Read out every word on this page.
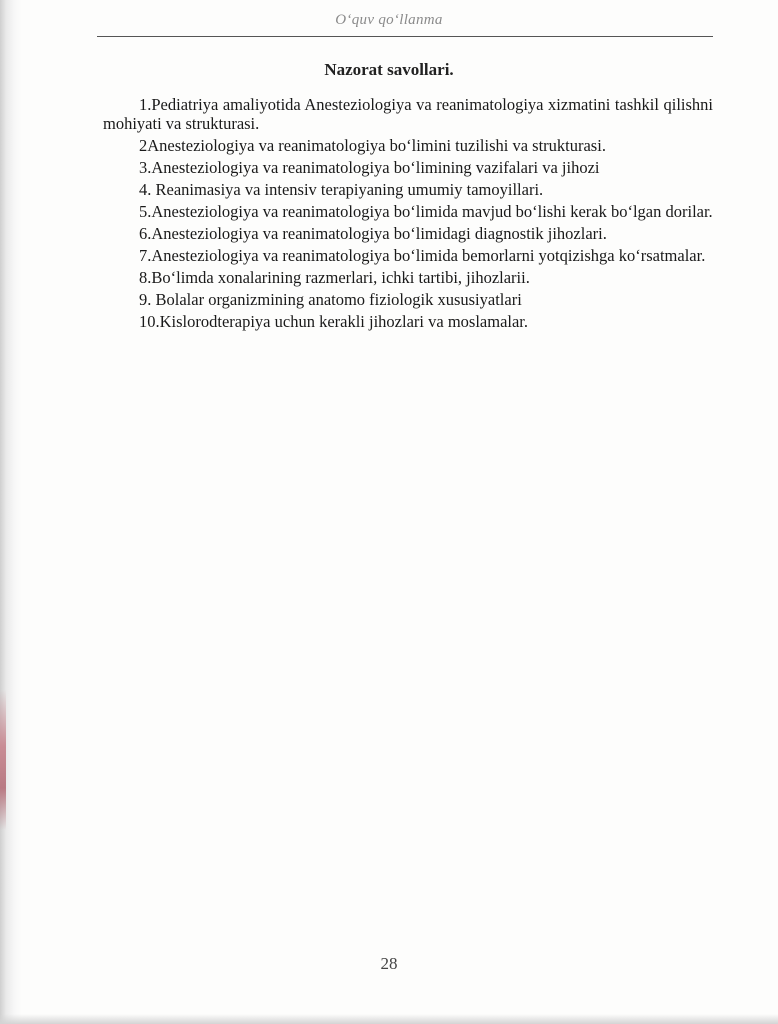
O‘quv qo‘llanma
Nazorat savollari.
1.Pediatriya amaliyotida Anesteziologiya va reanimatologiya xizmatini tashkil qilishni mohiyati va strukturasi.
2Anesteziologiya va reanimatologiya bo‘limini tuzilishi va strukturasi.
3.Anesteziologiya va reanimatologiya bo‘limining vazifalari va jihozi
4. Reanimasiya va intensiv terapiyaning umumiy tamoyillari.
5.Anesteziologiya va reanimatologiya bo‘limida mavjud bo‘lishi kerak bo‘lgan dorilar.
6.Anesteziologiya va reanimatologiya bo‘limidagi diagnostik jihozlari.
7.Anesteziologiya va reanimatologiya bo‘limida bemorlarni yotqizishga ko‘rsatmalar.
8.Bo‘limda xonalarining razmerlari, ichki tartibi, jihozlarii.
9. Bolalar organizmining anatomo fiziologik xususiyatlari
10.Kislorodterapiya uchun kerakli jihozlari va moslamalar.
28
